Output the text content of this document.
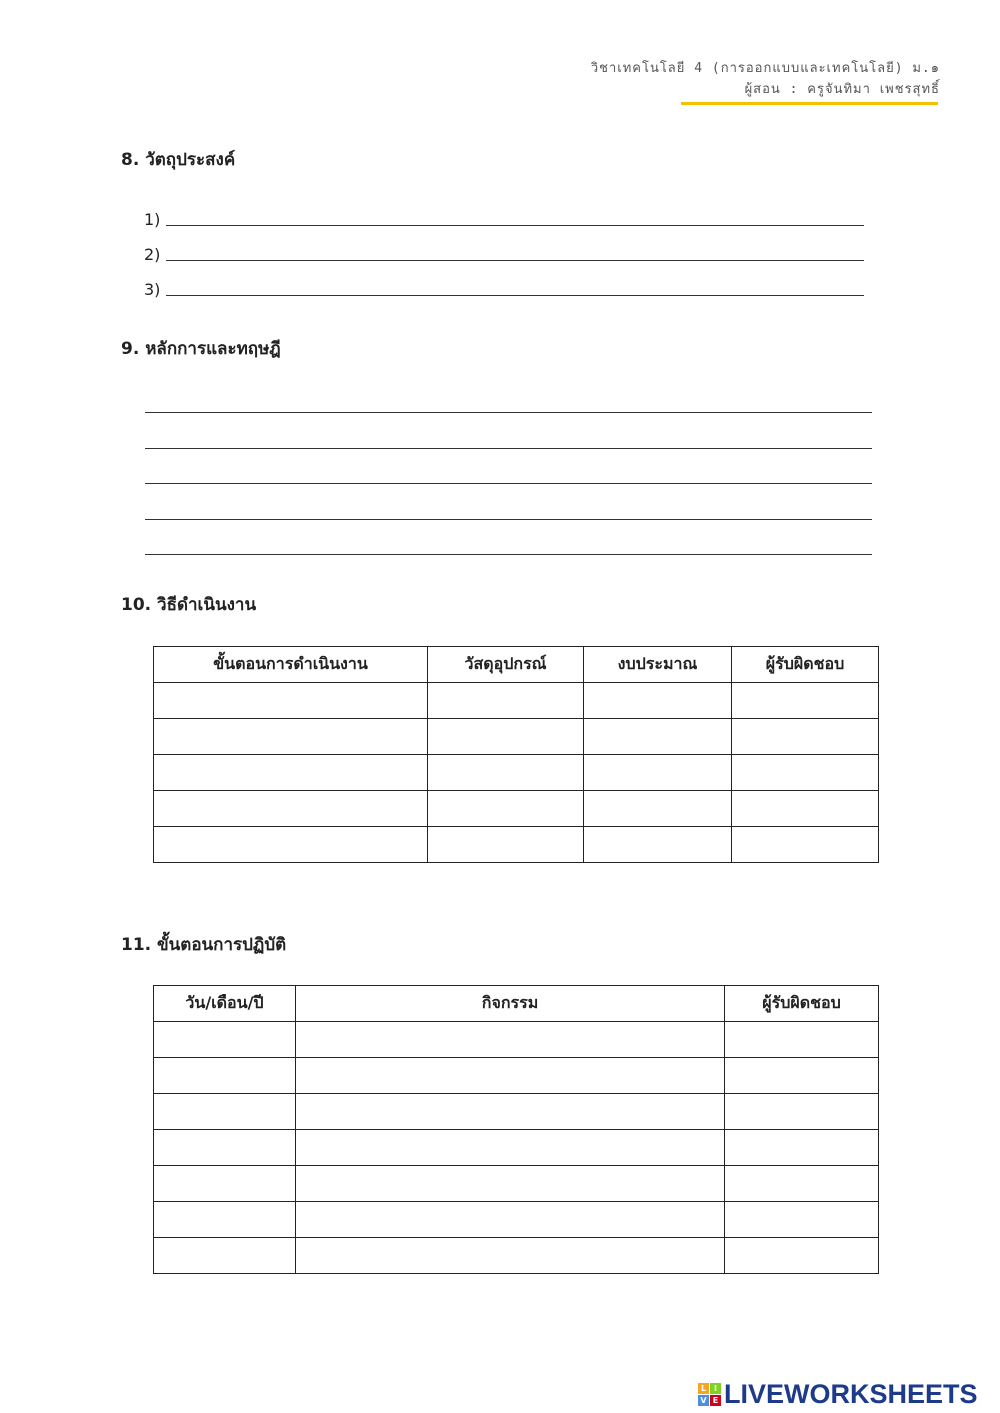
วิชาเทคโนโลยี 4 (การออกแบบและเทคโนโลยี) ม.๑
ผู้สอน : ครูจันทิมา เพชรสุทธิ์
8. วัตถุประสงค์
1)
2)
3)
9. หลักการและทฤษฎี
10. วิธีดำเนินงาน
ขั้นตอนการดำเนินงาน	วัสดุอุปกรณ์	งบประมาณ	ผู้รับผิดชอบ

11. ขั้นตอนการปฏิบัติ
วัน/เดือน/ปี	กิจกรรม	ผู้รับผิดชอบ

L I
V E LIVEWORKSHEETS
